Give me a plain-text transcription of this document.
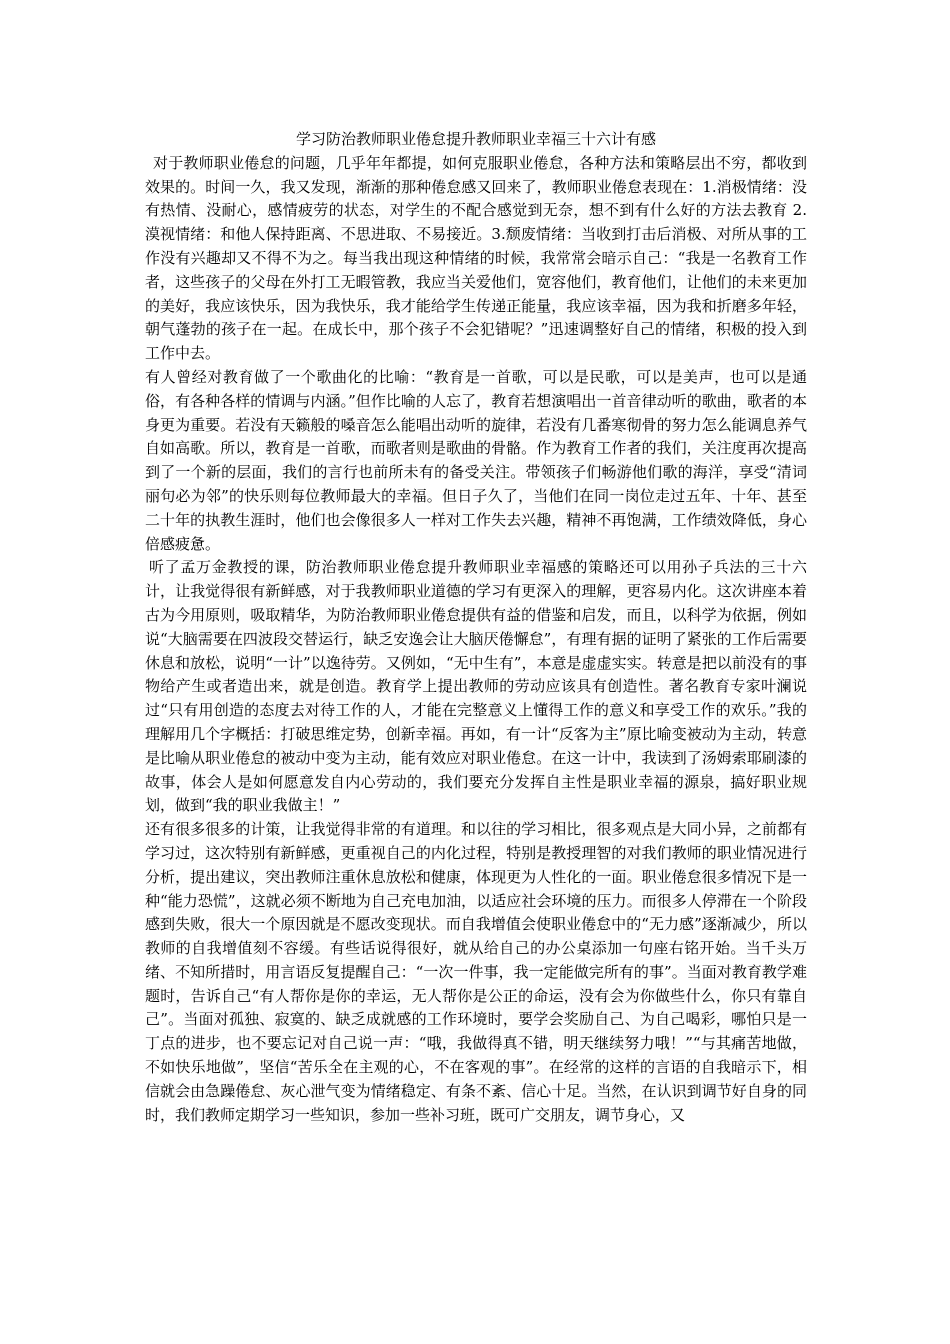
学习防治教师职业倦怠提升教师职业幸福三十六计有感

对于教师职业倦怠的问题，几乎年年都提，如何克服职业倦怠，各种方法和策略层出不穷，都收到效果的。时间一久，我又发现，渐渐的那种倦怠感又回来了，教师职业倦怠表现在：1.消极情绪：没有热情、没耐心，感情疲劳的状态，对学生的不配合感觉到无奈，想不到有什么好的方法去教育 2.漠视情绪：和他人保持距离、不思进取、不易接近。3.颓废情绪：当收到打击后消极、对所从事的工作没有兴趣却又不得不为之。每当我出现这种情绪的时候，我常常会暗示自己：“我是一名教育工作者，这些孩子的父母在外打工无暇管教，我应当关爱他们，宽容他们，教育他们，让他们的未来更加的美好，我应该快乐，因为我快乐，我才能给学生传递正能量，我应该幸福，因为我和折磨多年轻，朝气蓬勃的孩子在一起。在成长中，那个孩子不会犯错呢？”迅速调整好自己的情绪，积极的投入到工作中去。

有人曾经对教育做了一个歌曲化的比喻：“教育是一首歌，可以是民歌，可以是美声，也可以是通俗，有各种各样的情调与内涵。”但作比喻的人忘了，教育若想演唱出一首音律动听的歌曲，歌者的本身更为重要。若没有天籁般的嗓音怎么能唱出动听的旋律，若没有几番寒彻骨的努力怎么能调息养气自如高歌。所以，教育是一首歌，而歌者则是歌曲的骨骼。作为教育工作者的我们，关注度再次提高到了一个新的层面，我们的言行也前所未有的备受关注。带领孩子们畅游他们歌的海洋，享受“清词丽句必为邻”的快乐则每位教师最大的幸福。但日子久了，当他们在同一岗位走过五年、十年、甚至二十年的执教生涯时，他们也会像很多人一样对工作失去兴趣，精神不再饱满，工作绩效降低，身心倍感疲惫。

听了孟万金教授的课，防治教师职业倦怠提升教师职业幸福感的策略还可以用孙子兵法的三十六计，让我觉得很有新鲜感，对于我教师职业道德的学习有更深入的理解，更容易内化。这次讲座本着古为今用原则，吸取精华，为防治教师职业倦怠提供有益的借鉴和启发，而且，以科学为依据，例如说“大脑需要在四波段交替运行，缺乏安逸会让大脑厌倦懈怠”，有理有据的证明了紧张的工作后需要休息和放松，说明“一计”以逸待劳。又例如，“无中生有”，本意是虚虚实实。转意是把以前没有的事物给产生或者造出来，就是创造。教育学上提出教师的劳动应该具有创造性。著名教育专家叶澜说过“只有用创造的态度去对待工作的人，才能在完整意义上懂得工作的意义和享受工作的欢乐。”我的理解用几个字概括：打破思维定势，创新幸福。再如，有一计“反客为主”原比喻变被动为主动，转意是比喻从职业倦怠的被动中变为主动，能有效应对职业倦怠。在这一计中，我读到了汤姆索耶刷漆的故事，体会人是如何愿意发自内心劳动的，我们要充分发挥自主性是职业幸福的源泉，搞好职业规划，做到“我的职业我做主！”

还有很多很多的计策，让我觉得非常的有道理。和以往的学习相比，很多观点是大同小异，之前都有学习过，这次特别有新鲜感，更重视自己的内化过程，特别是教授理智的对我们教师的职业情况进行分析，提出建议，突出教师注重休息放松和健康，体现更为人性化的一面。职业倦怠很多情况下是一种“能力恐慌”，这就必须不断地为自己充电加油，以适应社会环境的压力。而很多人停滞在一个阶段感到失败，很大一个原因就是不愿改变现状。而自我增值会使职业倦怠中的“无力感”逐渐减少，所以教师的自我增值刻不容缓。有些话说得很好，就从给自己的办公桌添加一句座右铭开始。当千头万绪、不知所措时，用言语反复提醒自己：“一次一件事，我一定能做完所有的事”。当面对教育教学难题时，告诉自己“有人帮你是你的幸运，无人帮你是公正的命运，没有会为你做些什么，你只有靠自己”。当面对孤独、寂寞的、缺乏成就感的工作环境时，要学会奖励自己、为自己喝彩，哪怕只是一丁点的进步，也不要忘记对自己说一声：“哦，我做得真不错，明天继续努力哦！”“与其痛苦地做，不如快乐地做”，坚信“苦乐全在主观的心，不在客观的事”。在经常的这样的言语的自我暗示下，相信就会由急躁倦怠、灰心泄气变为情绪稳定、有条不紊、信心十足。当然，在认识到调节好自身的同时，我们教师定期学习一些知识，参加一些补习班，既可广交朋友，调节身心，又
